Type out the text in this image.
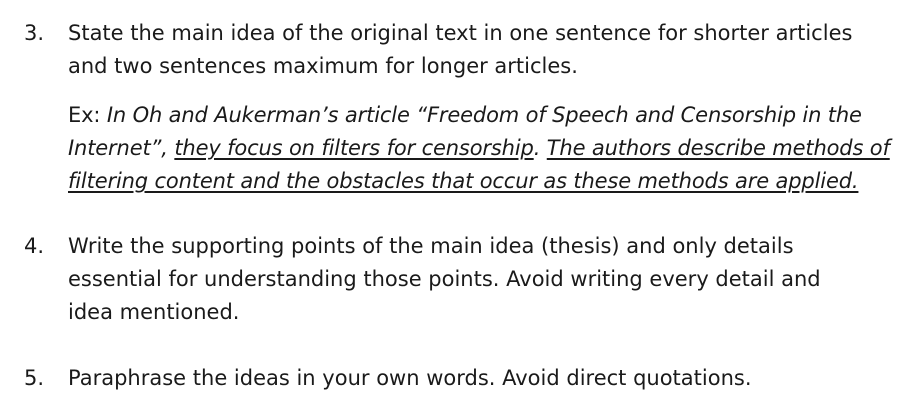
3. State the main idea of the original text in one sentence for shorter articles
and two sentences maximum for longer articles.
Ex: In Oh and Aukerman’s article “Freedom of Speech and Censorship in the
Internet”, they focus on filters for censorship. The authors describe methods of
filtering content and the obstacles that occur as these methods are applied.
4. Write the supporting points of the main idea (thesis) and only details
essential for understanding those points. Avoid writing every detail and
idea mentioned.
5. Paraphrase the ideas in your own words. Avoid direct quotations.
